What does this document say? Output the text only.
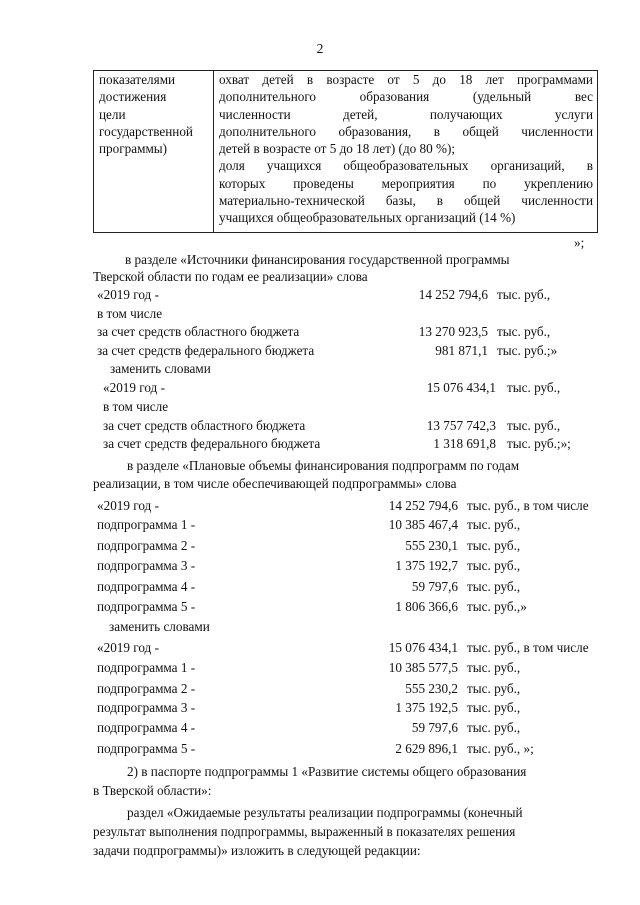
2
показателями
достижения
цели
государственной
программы)

охват детей в возрасте от 5 до 18 лет программами
дополнительного образования (удельный вес
численности детей, получающих услуги
дополнительного образования, в общей численности
детей в возрасте от 5 до 18 лет) (до 80 %);
доля учащихся общеобразовательных организаций, в
которых проведены мероприятия по укреплению
материально-технической базы, в общей численности
учащихся общеобразовательных организаций (14 %)
»;
в разделе «Источники финансирования государственной программы
Тверской области по годам ее реализации» слова
«2019 год -	14 252 794,6 тыс. руб.,
в том числе
за счет средств областного бюджета	13 270 923,5 тыс. руб.,
за счет средств федерального бюджета	981 871,1 тыс. руб.;»
заменить словами
«2019 год -	15 076 434,1 тыс. руб.,
в том числе
за счет средств областного бюджета	13 757 742,3 тыс. руб.,
за счет средств федерального бюджета	1 318 691,8 тыс. руб.;»;
в разделе «Плановые объемы финансирования подпрограмм по годам
реализации, в том числе обеспечивающей подпрограммы» слова
«2019 год -	14 252 794,6 тыс. руб., в том числе
подпрограмма 1 -	10 385 467,4 тыс. руб.,
подпрограмма 2 -	555 230,1 тыс. руб.,
подпрограмма 3 -	1 375 192,7 тыс. руб.,
подпрограмма 4 -	59 797,6 тыс. руб.,
подпрограмма 5 -	1 806 366,6 тыс. руб.,»
заменить словами
«2019 год -	15 076 434,1 тыс. руб., в том числе
подпрограмма 1 -	10 385 577,5 тыс. руб.,
подпрограмма 2 -	555 230,2 тыс. руб.,
подпрограмма 3 -	1 375 192,5 тыс. руб.,
подпрограмма 4 -	59 797,6 тыс. руб.,
подпрограмма 5 -	2 629 896,1 тыс. руб., »;
2) в паспорте подпрограммы 1 «Развитие системы общего образования
в Тверской области»:
раздел «Ожидаемые результаты реализации подпрограммы (конечный
результат выполнения подпрограммы, выраженный в показателях решения
задачи подпрограммы)» изложить в следующей редакции:
